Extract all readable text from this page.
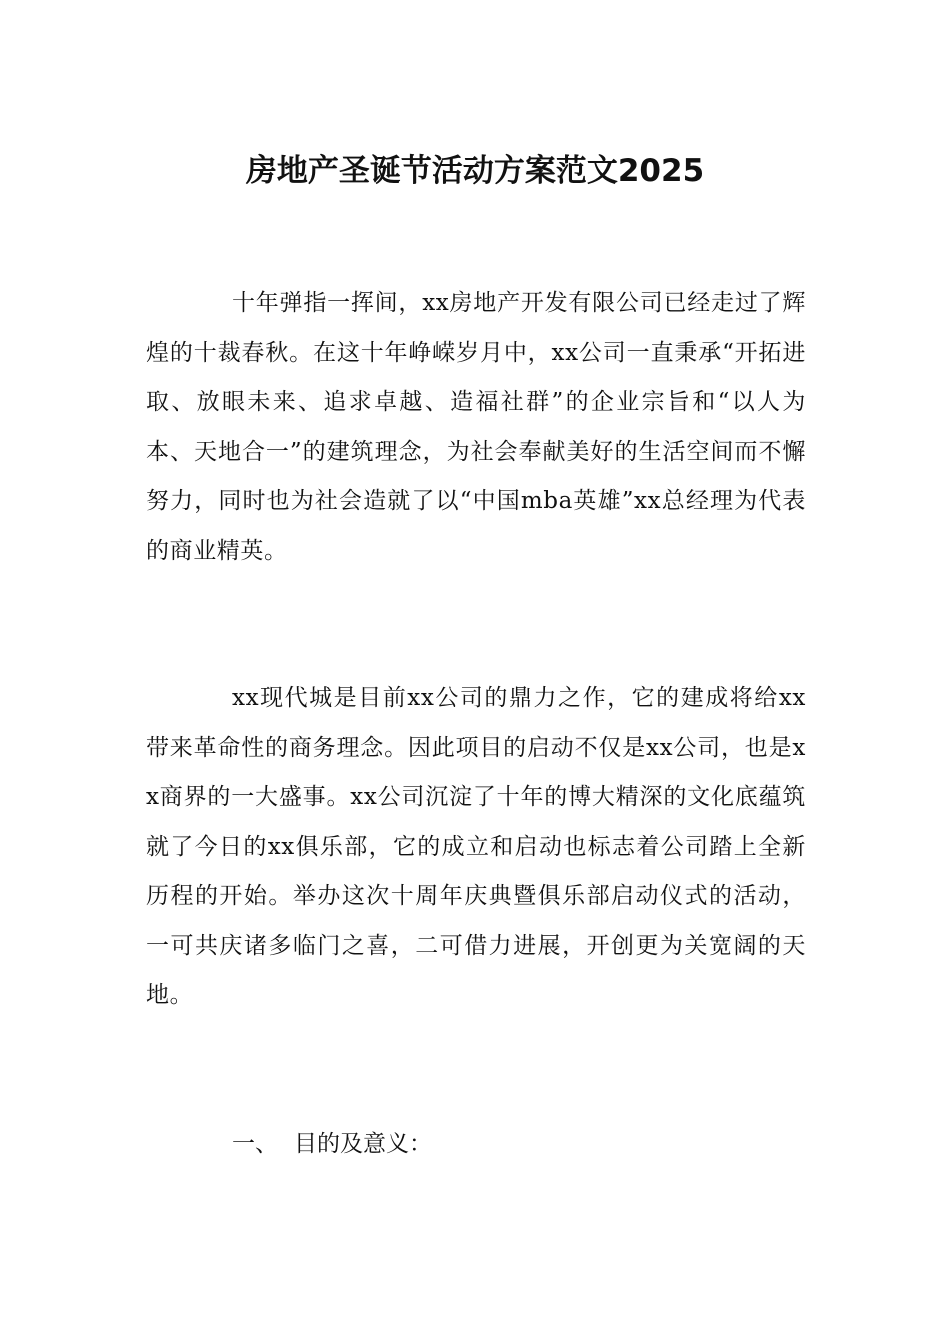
房地产圣诞节活动方案范文2025

十年弹指一挥间，xx房地产开发有限公司已经走过了辉煌的十裁春秋。在这十年峥嵘岁月中，xx公司一直秉承“开拓进取、放眼未来、追求卓越、造福社群”的企业宗旨和“以人为本、天地合一”的建筑理念，为社会奉献美好的生活空间而不懈努力，同时也为社会造就了以“中国mba英雄”xx总经理为代表的商业精英。

xx现代城是目前xx公司的鼎力之作，它的建成将给xx带来革命性的商务理念。因此项目的启动不仅是xx公司，也是xx商界的一大盛事。xx公司沉淀了十年的博大精深的文化底蕴筑就了今日的xx俱乐部，它的成立和启动也标志着公司踏上全新历程的开始。举办这次十周年庆典暨俱乐部启动仪式的活动，一可共庆诸多临门之喜，二可借力进展，开创更为关宽阔的天地。

一、 目的及意义：
